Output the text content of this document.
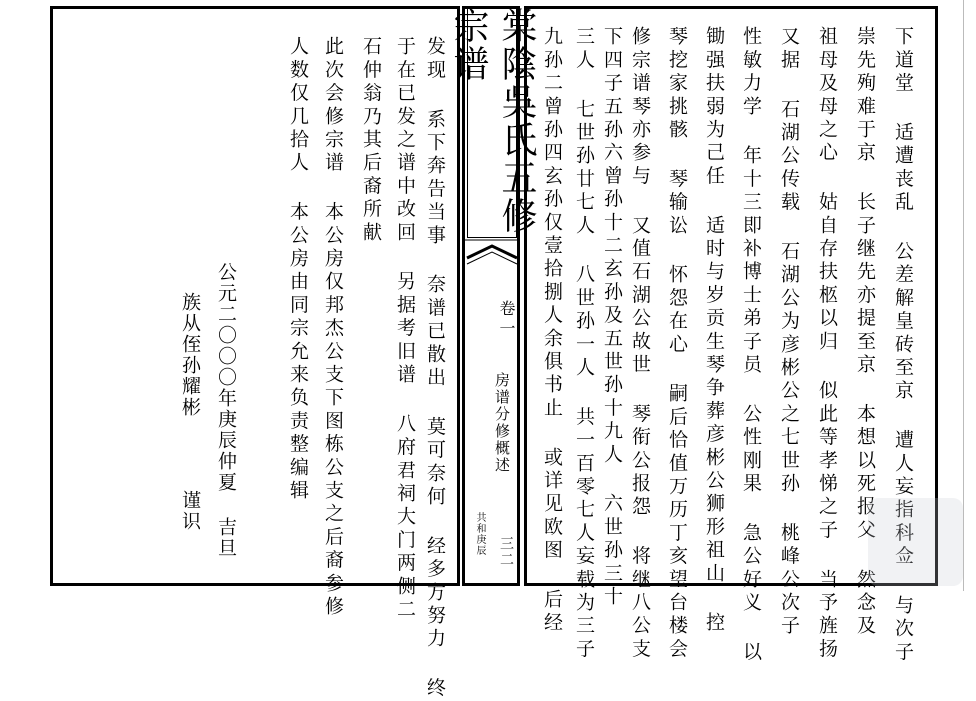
棠陰吳氏五修宗谱
卷一
房谱分修概述
三二
共和庚辰	下道堂 适遭丧乱 公差解皇砖至京 遭人妄指科佥 与次子
崇先殉难于京 长子继先亦提至京 本想以死报父 然念及
祖母及母之心 姑自存扶柩以归 似此等孝悌之子 当予旌扬
又据 石湖公传载 石湖公为彦彬公之七世孙 桃峰公次子
性敏力学 年十三即补博士弟子员 公性刚果 急公好义 以
锄强扶弱为己任 适时与岁贡生琴争葬彦彬公狮形祖山 控
琴挖家挑骸 琴输讼 怀怨在心 嗣后恰值万历丁亥望台楼会
修宗谱琴亦参与 又值石湖公故世 琴衔公报怨 将继八公支
下四子五孙六曾孙十二玄孙及五世孙十九人 六世孙三十
三人 七世孙廿七人 八世孙一人 共一百零七人妄载为三子
九孙二曾孙四玄孙仅壹拾捌人余俱书止 或详见欧图 后经
发现 系下奔告当事 奈谱已散出 莫可奈何 经多方努力 终
于在已发之谱中改回 另据考旧谱 八府君祠大门两侧二
石仲翁乃其后裔所献
此次会修宗谱 本公房仅邦杰公支下图栋公支之后裔参修
人数仅几拾人 本公房由同宗允来负责整编辑
公元二〇〇〇年庚辰仲夏 吉旦
族从侄孙耀彬   谨识
